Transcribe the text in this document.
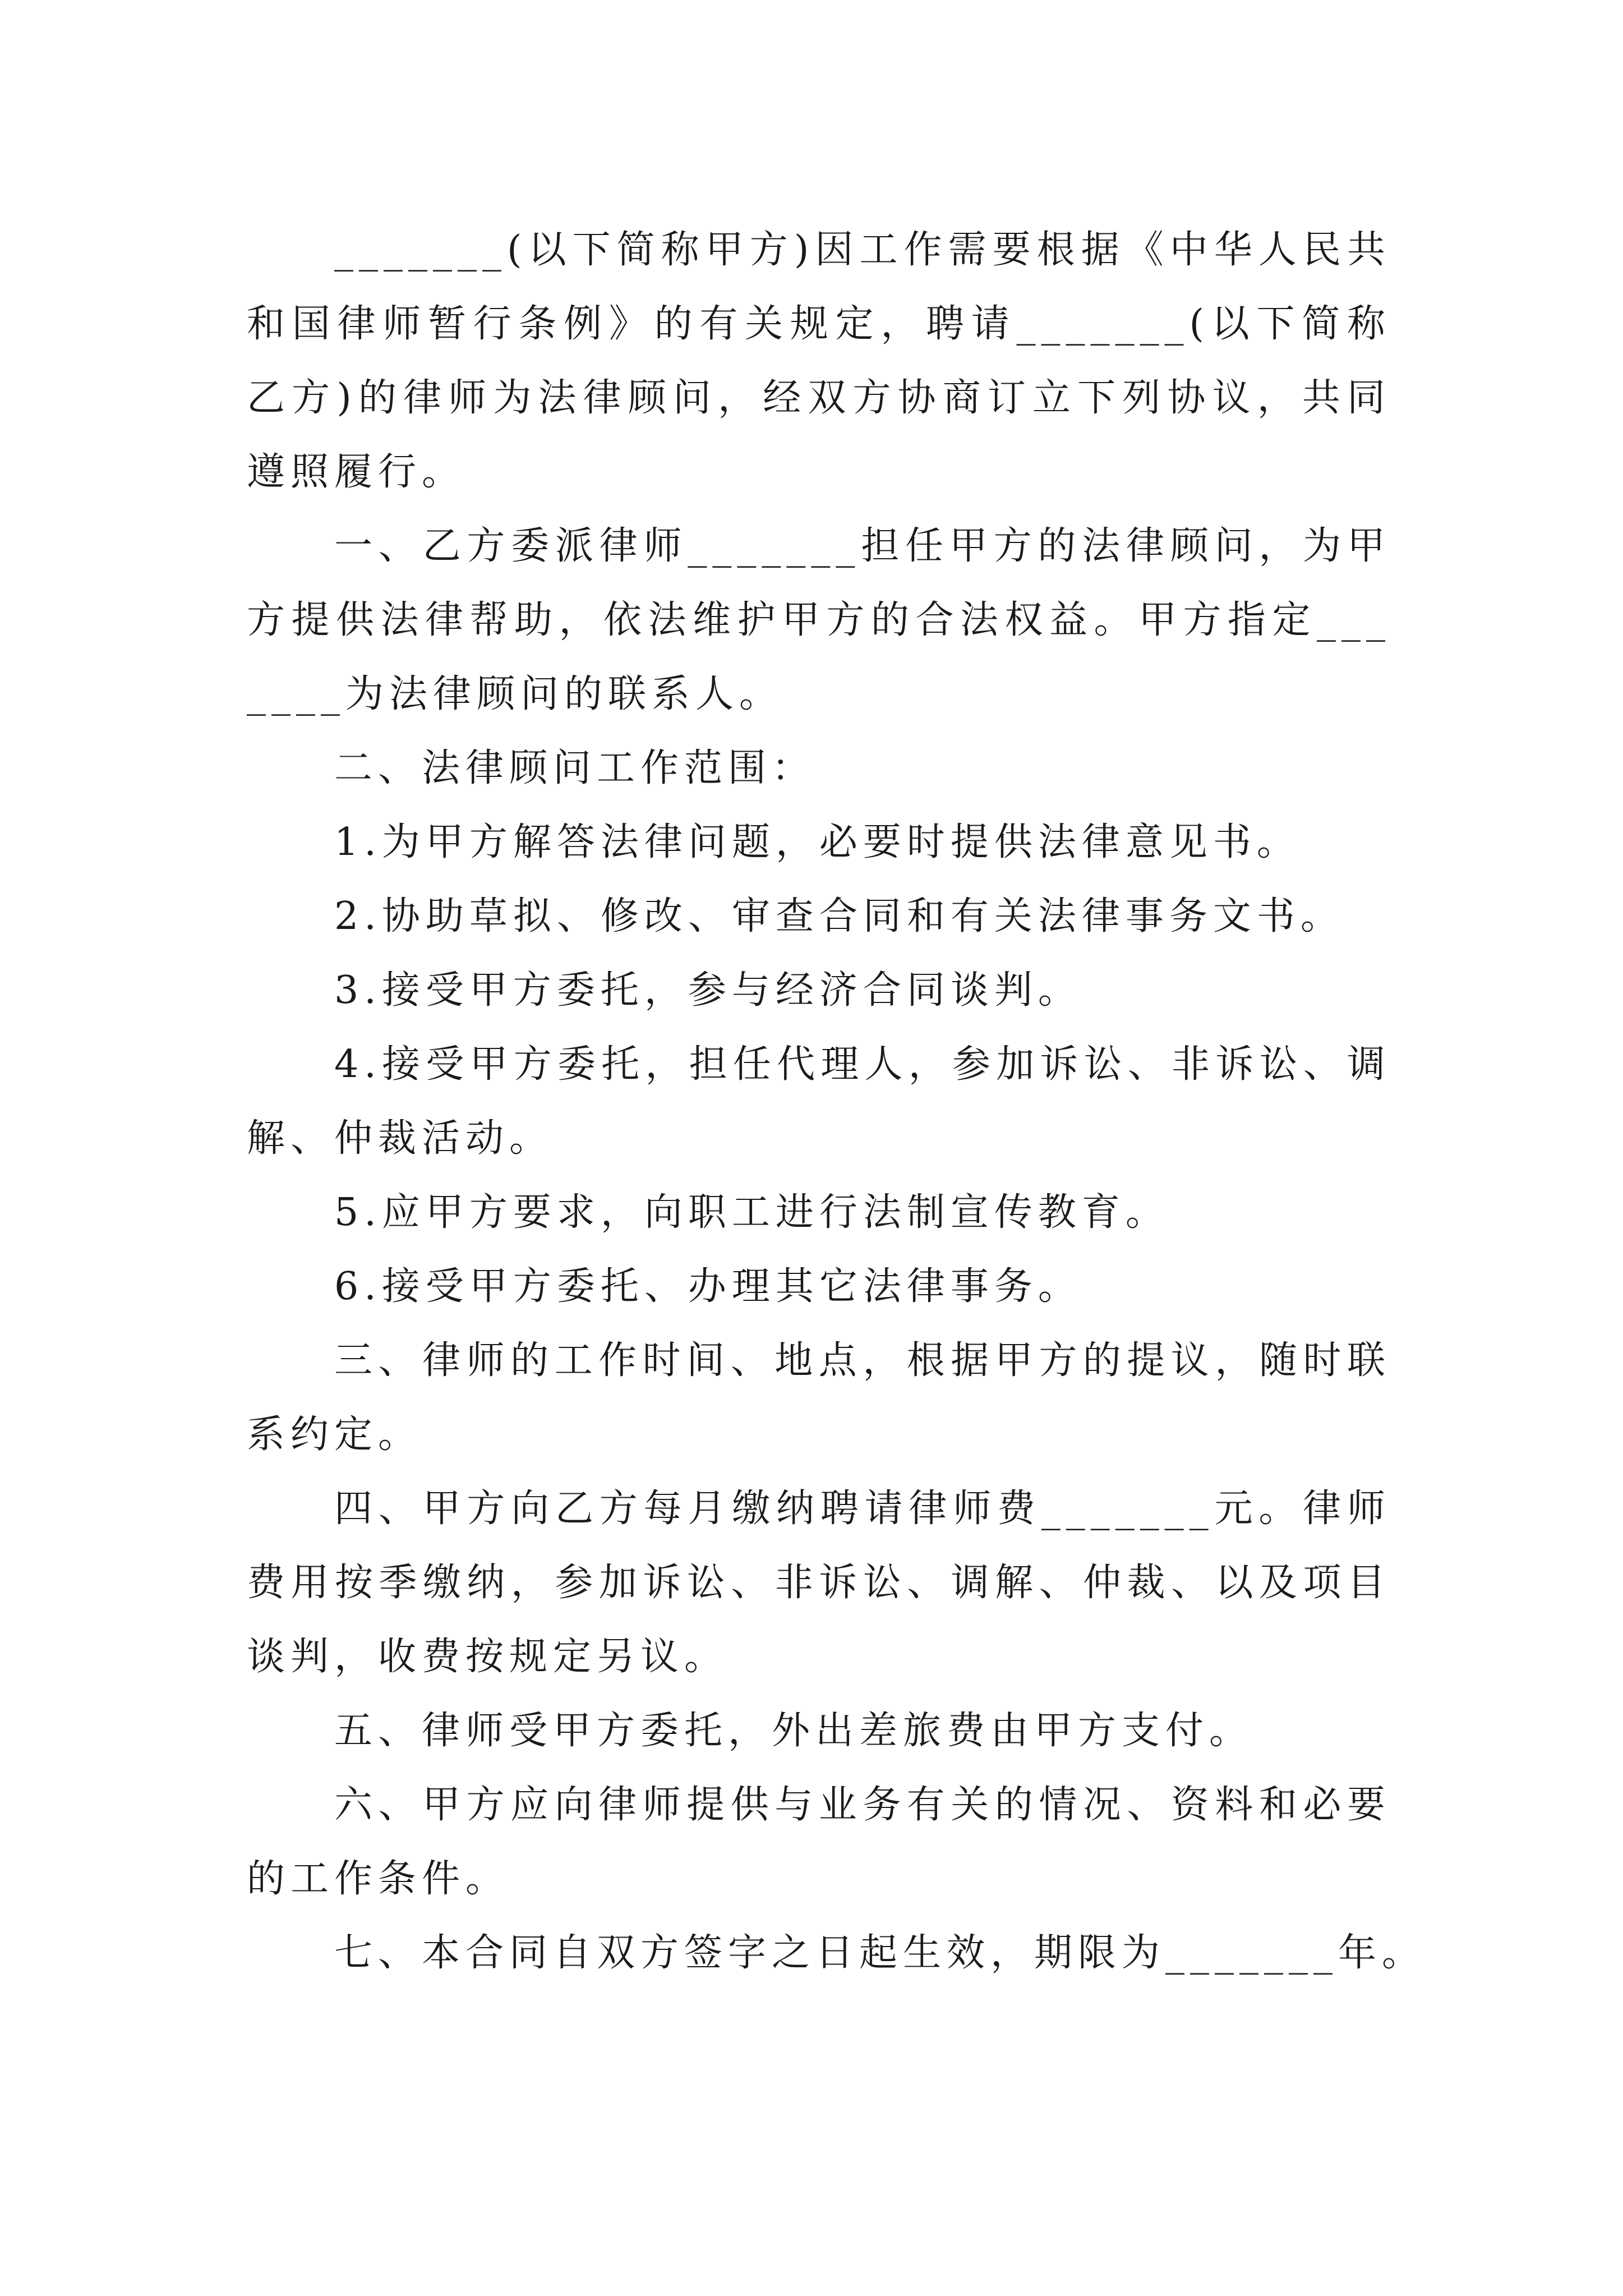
_______(以下简称甲方)因工作需要根据《中华人民共和国律师暂行条例》的有关规定，聘请_______(以下简称乙方)的律师为法律顾问，经双方协商订立下列协议，共同遵照履行。

一、乙方委派律师_______担任甲方的法律顾问，为甲方提供法律帮助，依法维护甲方的合法权益。甲方指定_______为法律顾问的联系人。

二、法律顾问工作范围：

1.为甲方解答法律问题，必要时提供法律意见书。

2.协助草拟、修改、审查合同和有关法律事务文书。

3.接受甲方委托，参与经济合同谈判。

4.接受甲方委托，担任代理人，参加诉讼、非诉讼、调解、仲裁活动。

5.应甲方要求，向职工进行法制宣传教育。

6.接受甲方委托、办理其它法律事务。

三、律师的工作时间、地点，根据甲方的提议，随时联系约定。

四、甲方向乙方每月缴纳聘请律师费_______元。律师费用按季缴纳，参加诉讼、非诉讼、调解、仲裁、以及项目谈判，收费按规定另议。

五、律师受甲方委托，外出差旅费由甲方支付。

六、甲方应向律师提供与业务有关的情况、资料和必要的工作条件。

七、本合同自双方签字之日起生效，期限为_______年。
